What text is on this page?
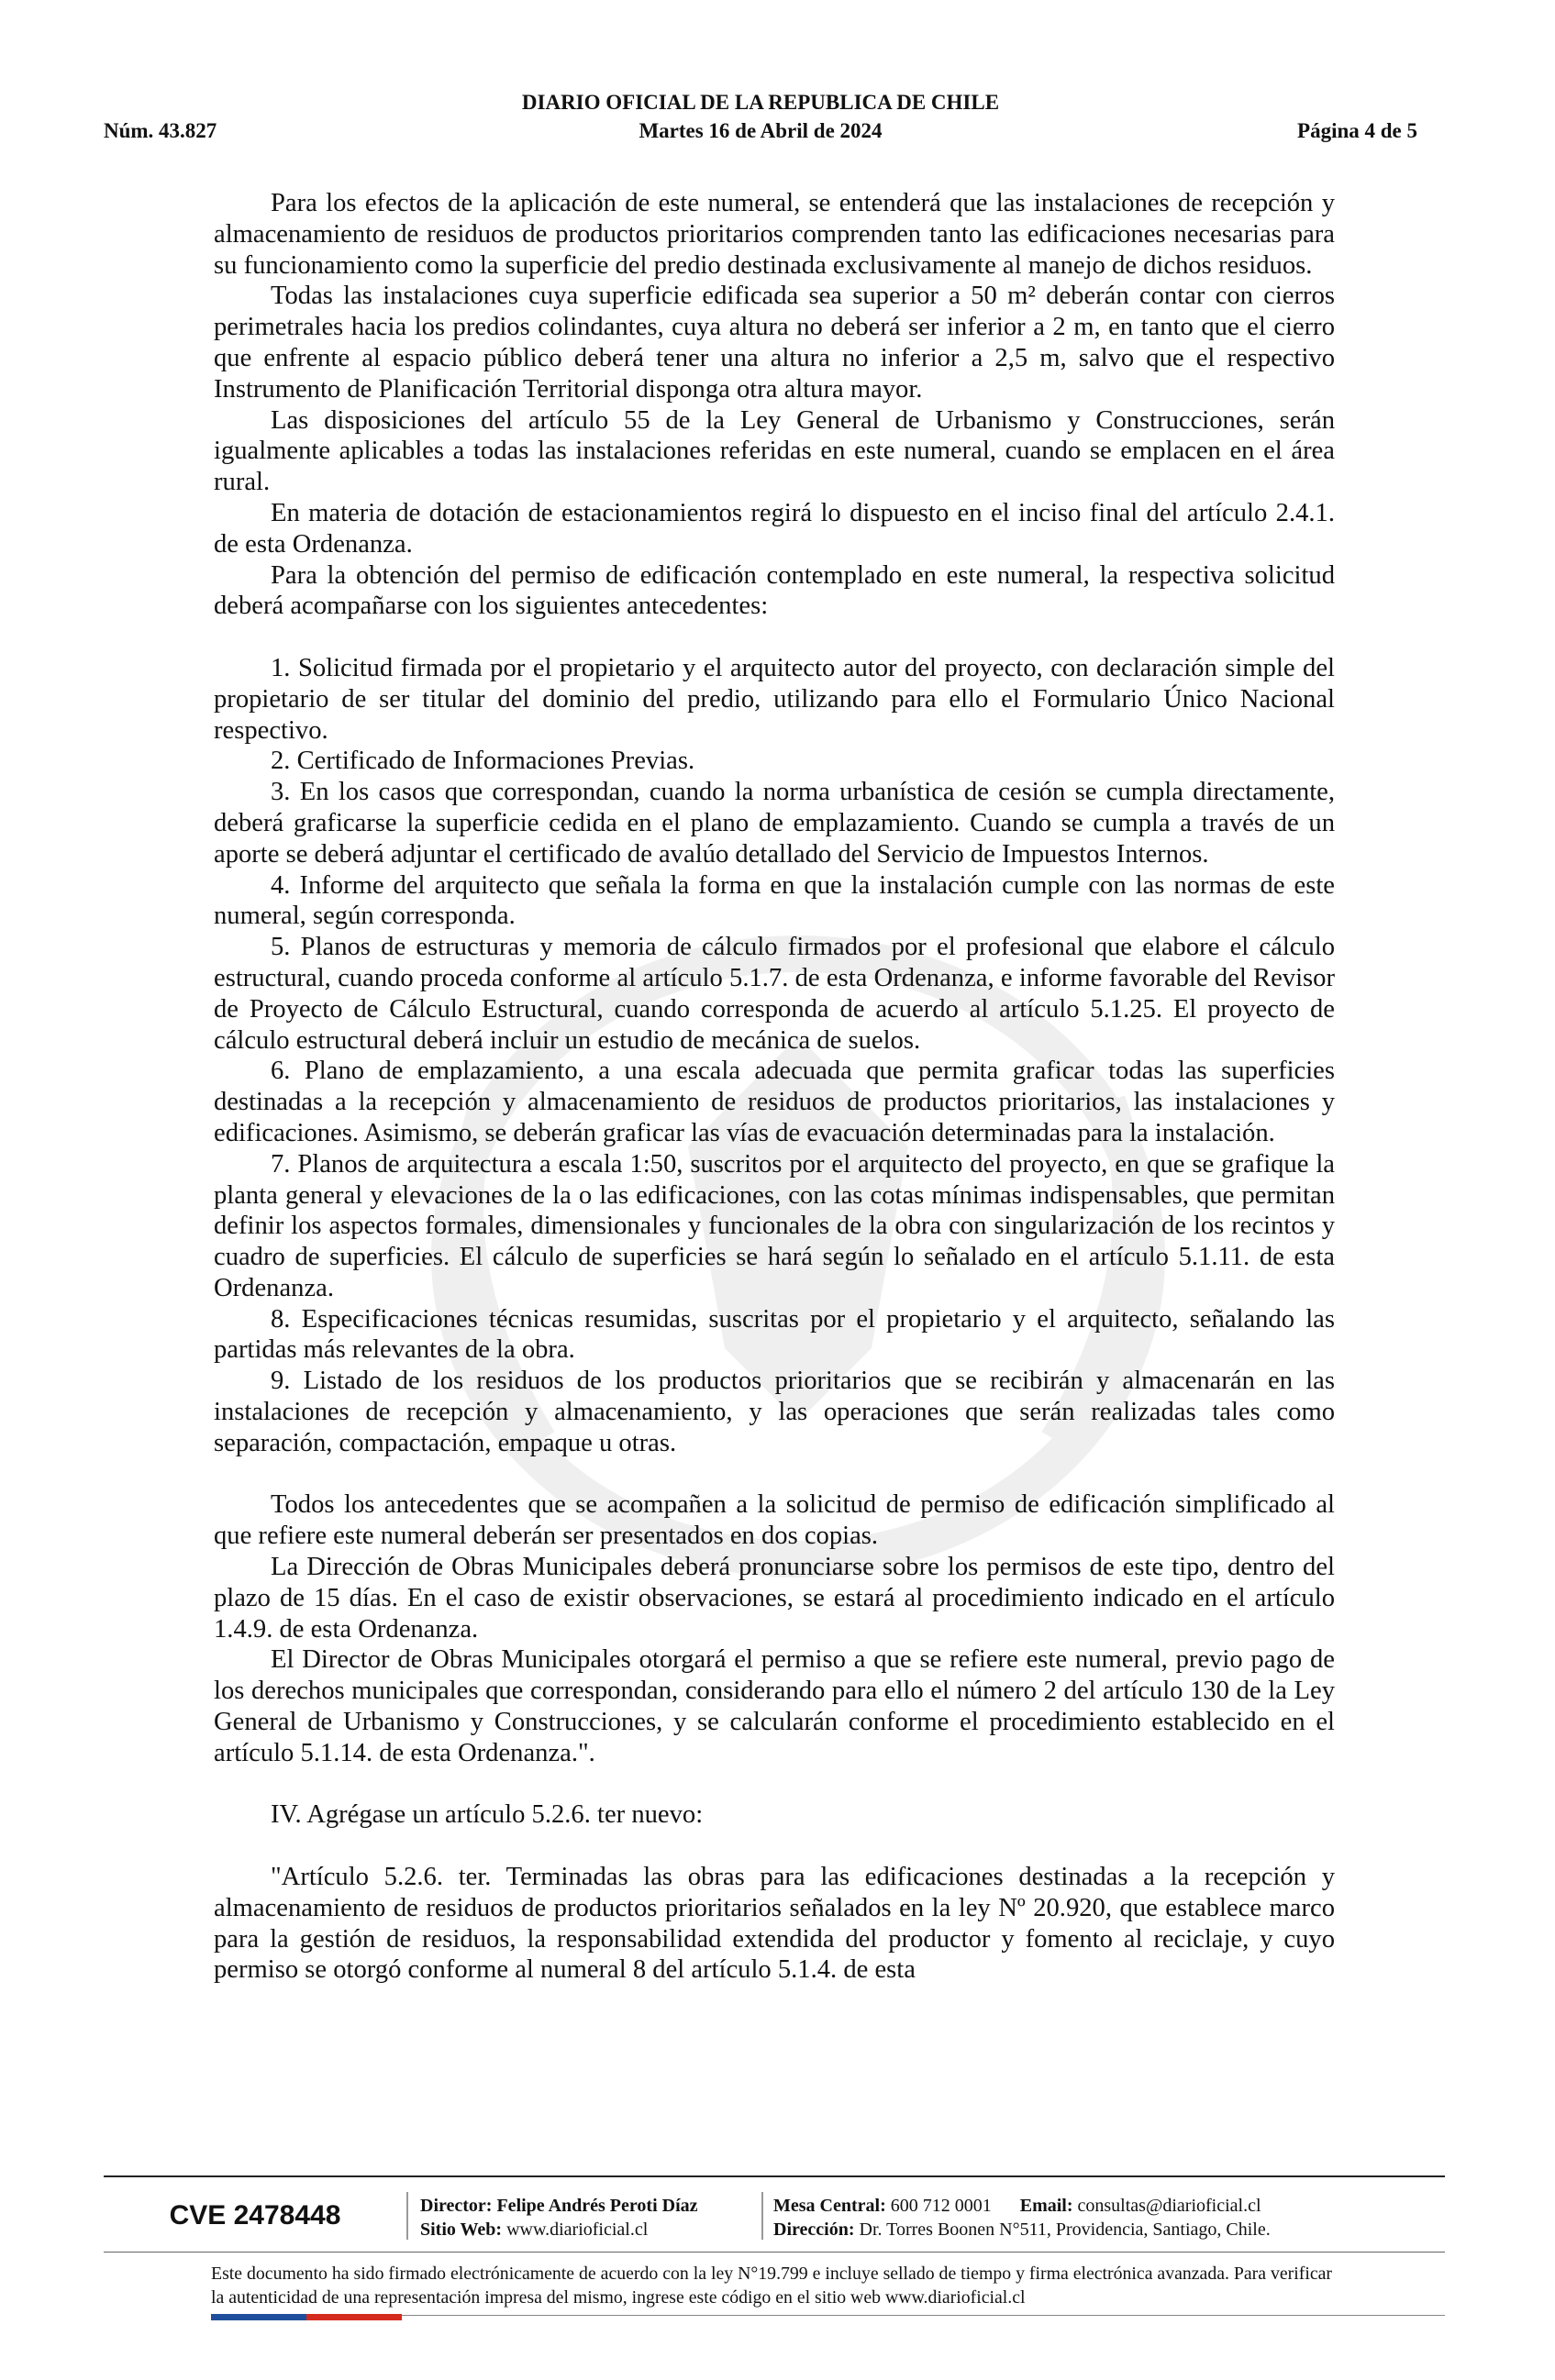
DIARIO OFICIAL DE LA REPUBLICA DE CHILE
Núm. 43.827	Martes 16 de Abril de 2024	Página 4 de 5

Para los efectos de la aplicación de este numeral, se entenderá que las instalaciones de recepción y almacenamiento de residuos de productos prioritarios comprenden tanto las edificaciones necesarias para su funcionamiento como la superficie del predio destinada exclusivamente al manejo de dichos residuos.

Todas las instalaciones cuya superficie edificada sea superior a 50 m² deberán contar con cierros perimetrales hacia los predios colindantes, cuya altura no deberá ser inferior a 2 m, en tanto que el cierro que enfrente al espacio público deberá tener una altura no inferior a 2,5 m, salvo que el respectivo Instrumento de Planificación Territorial disponga otra altura mayor.

Las disposiciones del artículo 55 de la Ley General de Urbanismo y Construcciones, serán igualmente aplicables a todas las instalaciones referidas en este numeral, cuando se emplacen en el área rural.

En materia de dotación de estacionamientos regirá lo dispuesto en el inciso final del artículo 2.4.1. de esta Ordenanza.

Para la obtención del permiso de edificación contemplado en este numeral, la respectiva solicitud deberá acompañarse con los siguientes antecedentes:

1. Solicitud firmada por el propietario y el arquitecto autor del proyecto, con declaración simple del propietario de ser titular del dominio del predio, utilizando para ello el Formulario Único Nacional respectivo.

2. Certificado de Informaciones Previas.

3. En los casos que correspondan, cuando la norma urbanística de cesión se cumpla directamente, deberá graficarse la superficie cedida en el plano de emplazamiento. Cuando se cumpla a través de un aporte se deberá adjuntar el certificado de avalúo detallado del Servicio de Impuestos Internos.

4. Informe del arquitecto que señala la forma en que la instalación cumple con las normas de este numeral, según corresponda.

5. Planos de estructuras y memoria de cálculo firmados por el profesional que elabore el cálculo estructural, cuando proceda conforme al artículo 5.1.7. de esta Ordenanza, e informe favorable del Revisor de Proyecto de Cálculo Estructural, cuando corresponda de acuerdo al artículo 5.1.25. El proyecto de cálculo estructural deberá incluir un estudio de mecánica de suelos.

6. Plano de emplazamiento, a una escala adecuada que permita graficar todas las superficies destinadas a la recepción y almacenamiento de residuos de productos prioritarios, las instalaciones y edificaciones. Asimismo, se deberán graficar las vías de evacuación determinadas para la instalación.

7. Planos de arquitectura a escala 1:50, suscritos por el arquitecto del proyecto, en que se grafique la planta general y elevaciones de la o las edificaciones, con las cotas mínimas indispensables, que permitan definir los aspectos formales, dimensionales y funcionales de la obra con singularización de los recintos y cuadro de superficies. El cálculo de superficies se hará según lo señalado en el artículo 5.1.11. de esta Ordenanza.

8. Especificaciones técnicas resumidas, suscritas por el propietario y el arquitecto, señalando las partidas más relevantes de la obra.

9. Listado de los residuos de los productos prioritarios que se recibirán y almacenarán en las instalaciones de recepción y almacenamiento, y las operaciones que serán realizadas tales como separación, compactación, empaque u otras.

Todos los antecedentes que se acompañen a la solicitud de permiso de edificación simplificado al que refiere este numeral deberán ser presentados en dos copias.

La Dirección de Obras Municipales deberá pronunciarse sobre los permisos de este tipo, dentro del plazo de 15 días. En el caso de existir observaciones, se estará al procedimiento indicado en el artículo 1.4.9. de esta Ordenanza.

El Director de Obras Municipales otorgará el permiso a que se refiere este numeral, previo pago de los derechos municipales que correspondan, considerando para ello el número 2 del artículo 130 de la Ley General de Urbanismo y Construcciones, y se calcularán conforme el procedimiento establecido en el artículo 5.1.14. de esta Ordenanza.".

IV. Agrégase un artículo 5.2.6. ter nuevo:

"Artículo 5.2.6. ter. Terminadas las obras para las edificaciones destinadas a la recepción y almacenamiento de residuos de productos prioritarios señalados en la ley Nº 20.920, que establece marco para la gestión de residuos, la responsabilidad extendida del productor y fomento al reciclaje, y cuyo permiso se otorgó conforme al numeral 8 del artículo 5.1.4. de esta

CVE 2478448	Director: Felipe Andrés Peroti Díaz
Sitio Web: www.diarioficial.cl
Mesa Central: 600 712 0001 Email: consultas@diarioficial.cl
Dirección: Dr. Torres Boonen N°511, Providencia, Santiago, Chile.
Este documento ha sido firmado electrónicamente de acuerdo con la ley N°19.799 e incluye sellado de tiempo y firma electrónica avanzada. Para verificar la autenticidad de una representación impresa del mismo, ingrese este código en el sitio web www.diarioficial.cl
